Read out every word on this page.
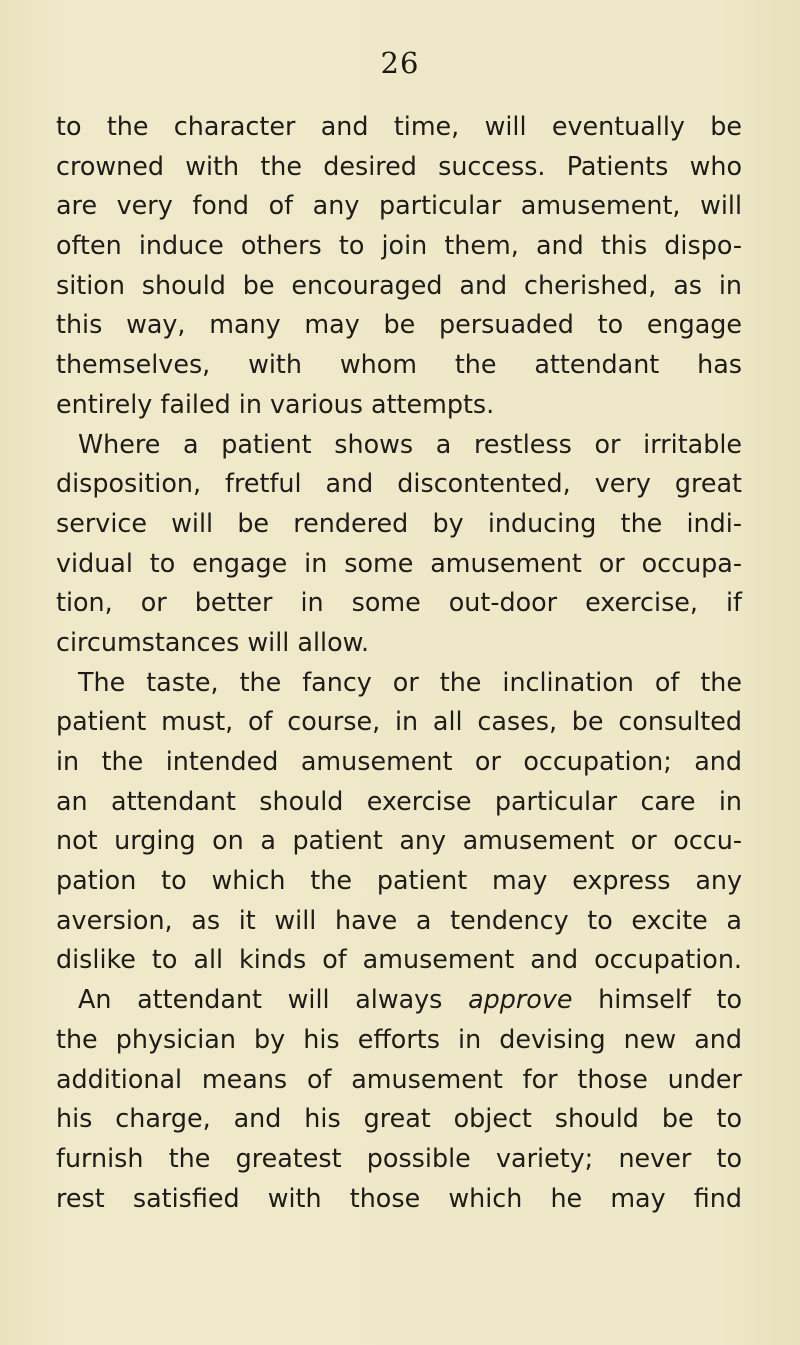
26
to the character and time, will eventually be
crowned with the desired success. Patients who
are very fond of any particular amusement, will
often induce others to join them, and this dispo-
sition should be encouraged and cherished, as in
this way, many may be persuaded to engage
themselves, with whom the attendant has
entirely failed in various attempts.
Where a patient shows a restless or irritable
disposition, fretful and discontented, very great
service will be rendered by inducing the indi-
vidual to engage in some amusement or occupa-
tion, or better in some out-door exercise, if
circumstances will allow.
The taste, the fancy or the inclination of the
patient must, of course, in all cases, be consulted
in the intended amusement or occupation; and
an attendant should exercise particular care in
not urging on a patient any amusement or occu-
pation to which the patient may express any
aversion, as it will have a tendency to excite a
dislike to all kinds of amusement and occupation.
An attendant will always approve himself to
the physician by his efforts in devising new and
additional means of amusement for those under
his charge, and his great object should be to
furnish the greatest possible variety; never to
rest satisfied with those which he may find
